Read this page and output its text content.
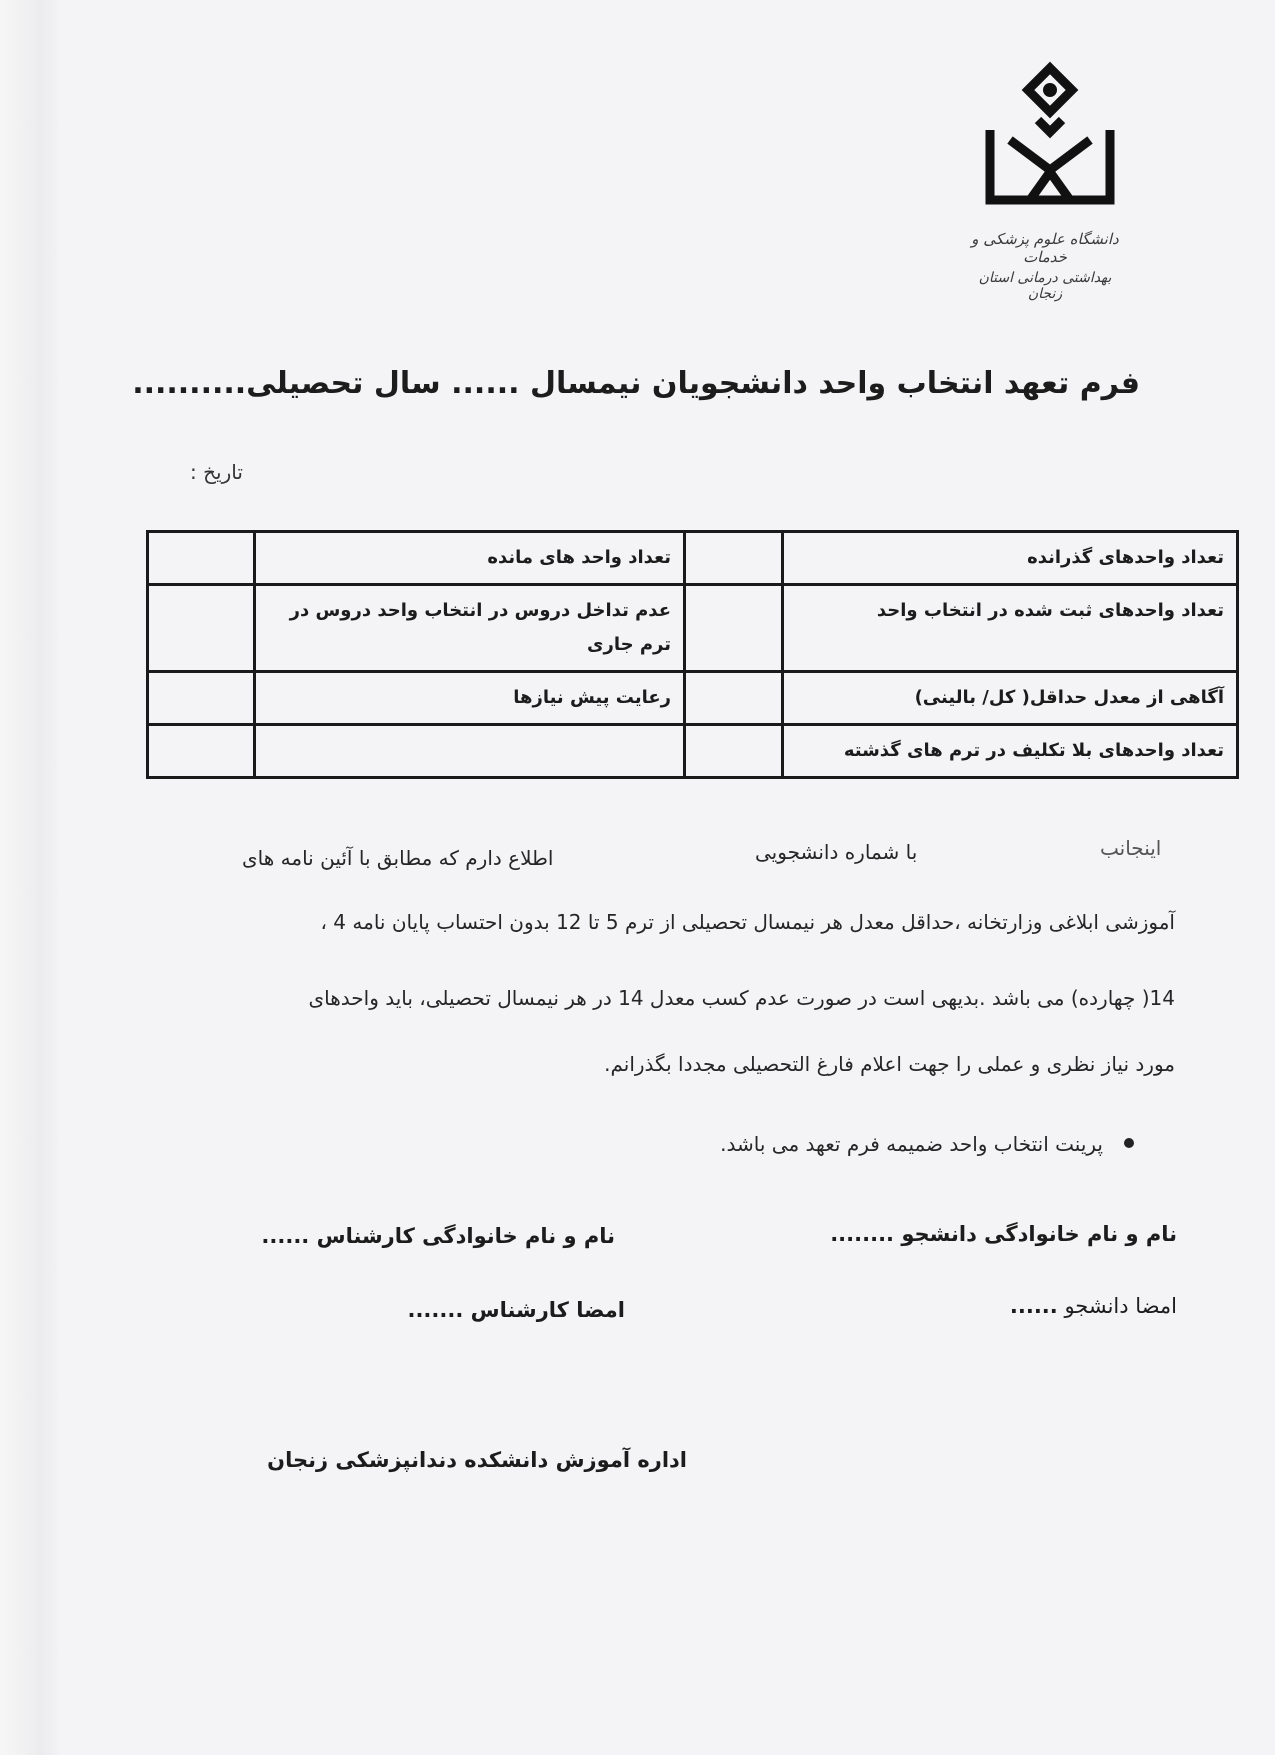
دانشگاه علوم پزشکی و خدمات
بهداشتی درمانی استان زنجان
فرم تعهد انتخاب واحد دانشجویان نیمسال ...... سال تحصیلی..........
تاریخ :
تعداد واحدهای گذرانده		تعداد واحد های مانده	
تعداد واحدهای ثبت شده در انتخاب واحد		عدم تداخل دروس در انتخاب واحد دروس در ترم جاری	
آگاهی از معدل حداقل( کل/ بالینی)		رعایت پیش نیازها	
تعداد واحدهای بلا تکلیف در ترم های گذشته			
اینجانب
با شماره دانشجویی
اطلاع دارم که مطابق با آئین نامه های
آموزشی ابلاغی وزارتخانه ،حداقل معدل هر نیمسال تحصیلی از ترم 5 تا 12 بدون احتساب پایان نامه 4 ،
14( چهارده) می باشد .بدیهی است در صورت عدم کسب معدل 14 در هر نیمسال تحصیلی، باید واحدهای
مورد نیاز نظری و عملی را جهت اعلام فارغ التحصیلی مجددا بگذرانم.
پرینت انتخاب واحد ضمیمه فرم تعهد می باشد.
نام و نام خانوادگی دانشجو ........
نام و نام خانوادگی کارشناس ......
امضا دانشجو ......
امضا کارشناس .......
اداره آموزش دانشکده دندانپزشکی زنجان
